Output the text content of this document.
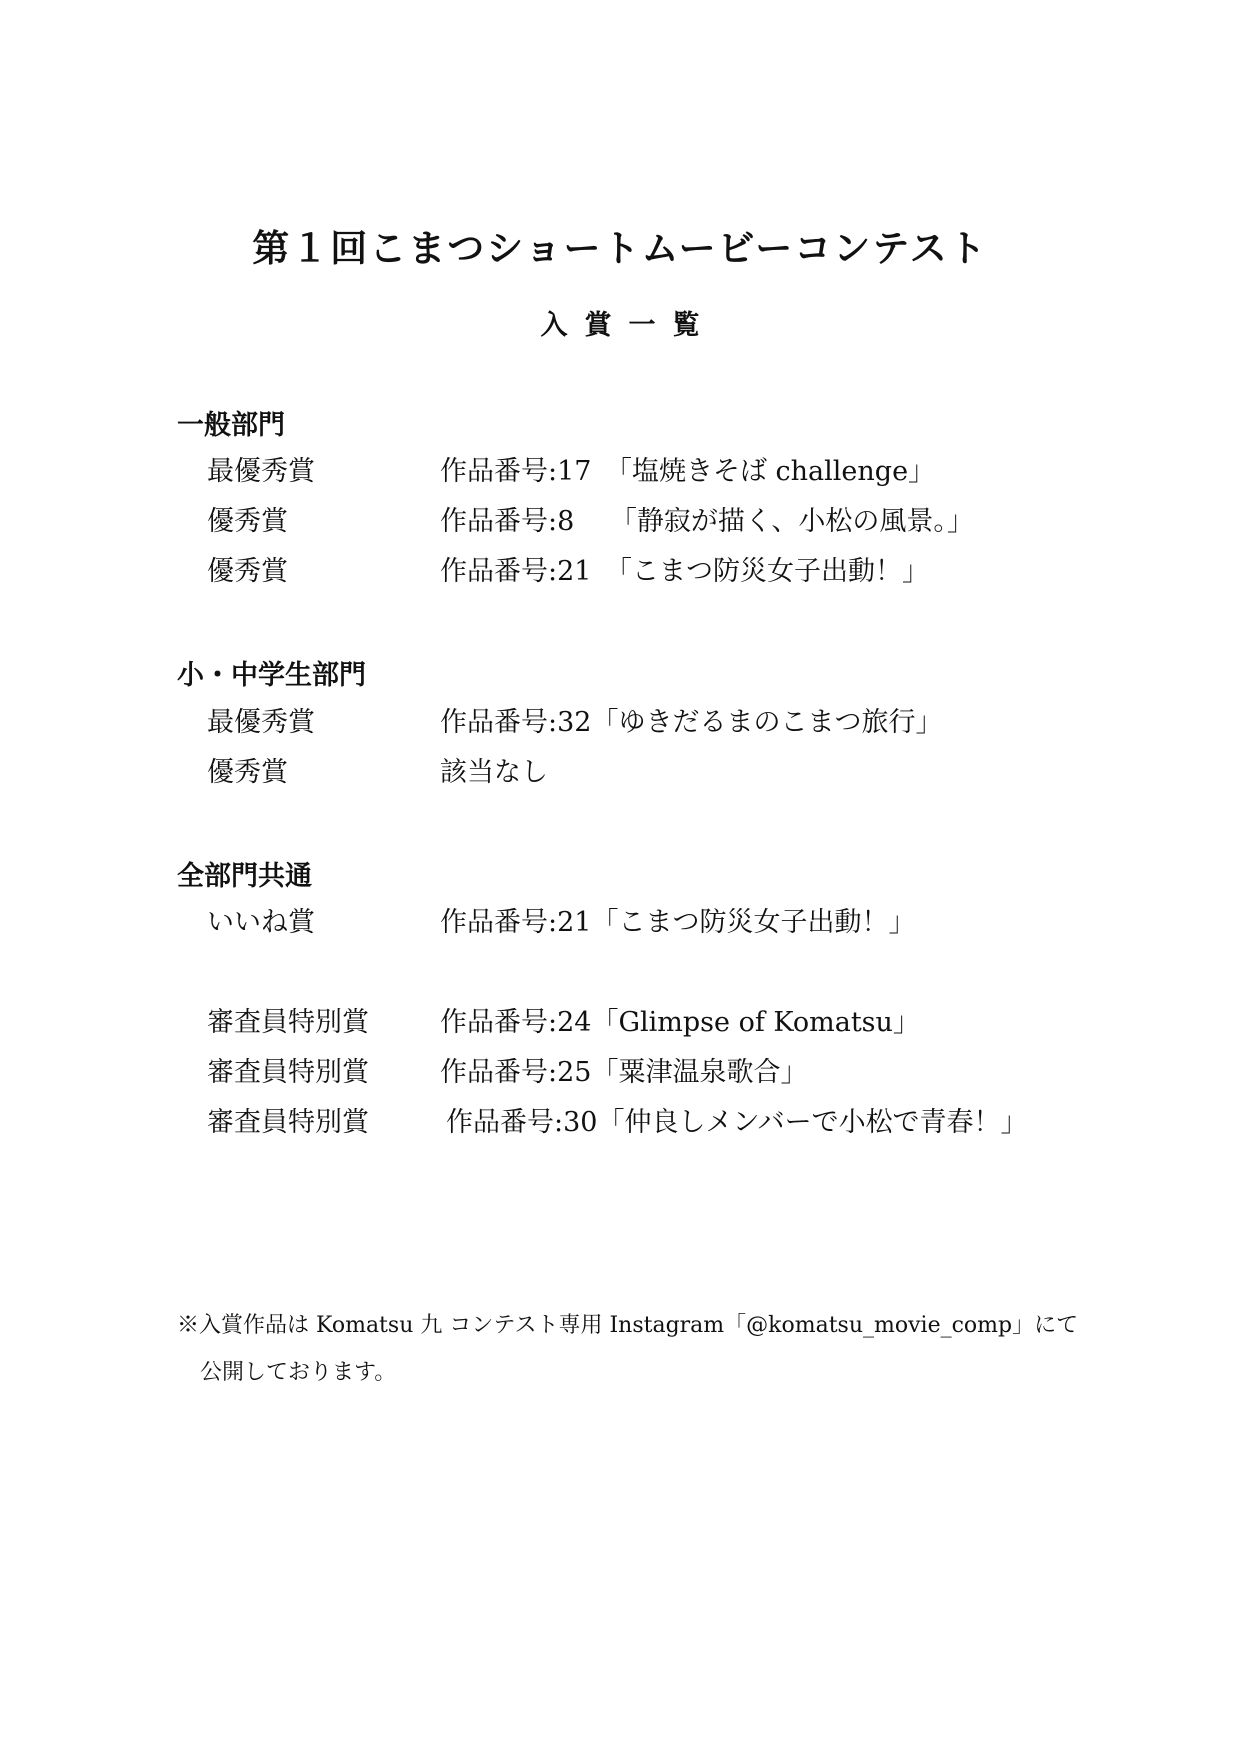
第１回こまつショートムービーコンテスト
入賞一覧
一般部門
最優秀賞	作品番号:17　「塩焼きそば challenge」
優秀賞	作品番号:8　 「静寂が描く、小松の風景。」
優秀賞	作品番号:21　「こまつ防災女子出動！」
小・中学生部門
最優秀賞	作品番号:32「ゆきだるまのこまつ旅行」
優秀賞	該当なし
全部門共通
いいね賞	作品番号:21「こまつ防災女子出動！」
審査員特別賞	作品番号:24「Glimpse of Komatsu」
審査員特別賞	作品番号:25「粟津温泉歌合」
審査員特別賞	作品番号:30「仲良しメンバーで小松で青春！」

※入賞作品は Komatsu 九 コンテスト専用 Instagram「@komatsu_movie_comp」にて

公開しております。
